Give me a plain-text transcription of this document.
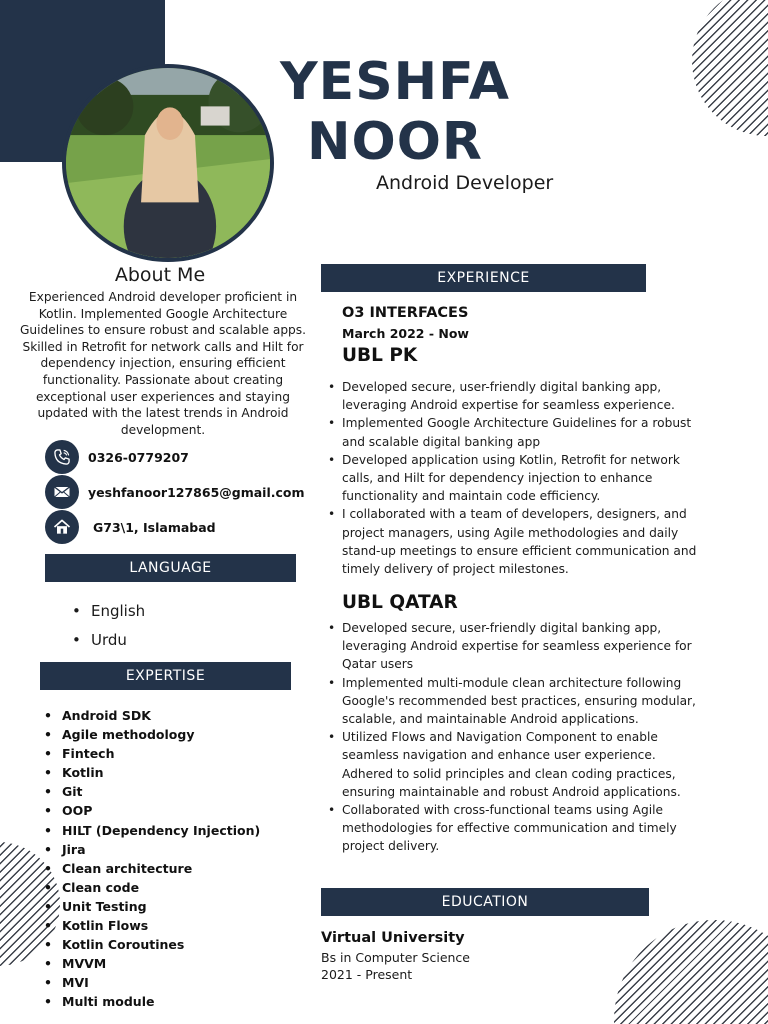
YESHFA
NOOR
Android Developer
About Me
Experienced Android developer proficient in Kotlin. Implemented Google Architecture Guidelines to ensure robust and scalable apps. Skilled in Retrofit for network calls and Hilt for dependency injection, ensuring efficient functionality. Passionate about creating exceptional user experiences and staying updated with the latest trends in Android development.
0326-0779207
yeshfanoor127865@gmail.com
G73\1, Islamabad
LANGUAGE
• English
• Urdu
EXPERTISE
• Android SDK
• Agile methodology
• Fintech
• Kotlin
• Git
• OOP
• HILT (Dependency Injection)
• Jira
• Clean architecture
• Clean code
• Unit Testing
• Kotlin Flows
• Kotlin Coroutines
• MVVM
• MVI
• Multi module
EXPERIENCE
O3 INTERFACES
March 2022 - Now
UBL PK
• Developed secure, user-friendly digital banking app, leveraging Android expertise for seamless experience.
• Implemented Google Architecture Guidelines for a robust and scalable digital banking app
• Developed application using Kotlin, Retrofit for network calls, and Hilt for dependency injection to enhance functionality and maintain code efficiency.
• I collaborated with a team of developers, designers, and project managers, using Agile methodologies and daily stand-up meetings to ensure efficient communication and timely delivery of project milestones.
UBL QATAR
• Developed secure, user-friendly digital banking app, leveraging Android expertise for seamless experience for Qatar users
• Implemented multi-module clean architecture following Google's recommended best practices, ensuring modular, scalable, and maintainable Android applications.
• Utilized Flows and Navigation Component to enable seamless navigation and enhance user experience. Adhered to solid principles and clean coding practices, ensuring maintainable and robust Android applications.
• Collaborated with cross-functional teams using Agile methodologies for effective communication and timely project delivery.
EDUCATION
Virtual University
Bs in Computer Science
2021 - Present
